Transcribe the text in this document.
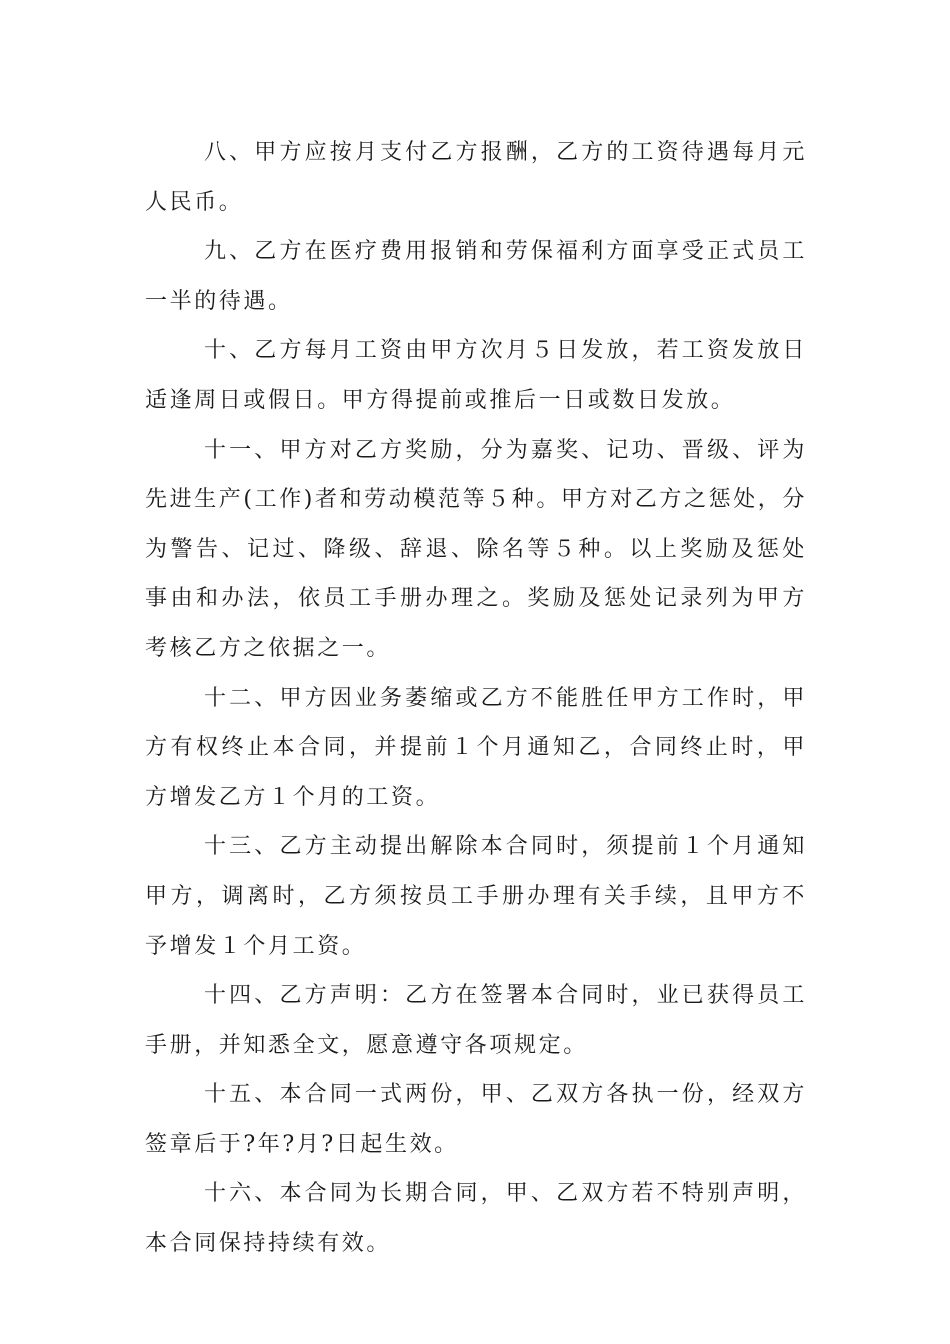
八、甲方应按月支付乙方报酬，乙方的工资待遇每月元人民币。

九、乙方在医疗费用报销和劳保福利方面享受正式员工一半的待遇。

十、乙方每月工资由甲方次月５日发放，若工资发放日适逢周日或假日。甲方得提前或推后一日或数日发放。

十一、甲方对乙方奖励，分为嘉奖、记功、晋级、评为先进生产(工作)者和劳动模范等５种。甲方对乙方之惩处，分为警告、记过、降级、辞退、除名等５种。以上奖励及惩处事由和办法，依员工手册办理之。奖励及惩处记录列为甲方考核乙方之依据之一。

十二、甲方因业务萎缩或乙方不能胜任甲方工作时，甲方有权终止本合同，并提前１个月通知乙，合同终止时，甲方增发乙方１个月的工资。

十三、乙方主动提出解除本合同时，须提前１个月通知甲方，调离时，乙方须按员工手册办理有关手续，且甲方不予增发１个月工资。

十四、乙方声明：乙方在签署本合同时，业已获得员工手册，并知悉全文，愿意遵守各项规定。

十五、本合同一式两份，甲、乙双方各执一份，经双方签章后于?年?月?日起生效。

十六、本合同为长期合同，甲、乙双方若不特别声明，本合同保持持续有效。
